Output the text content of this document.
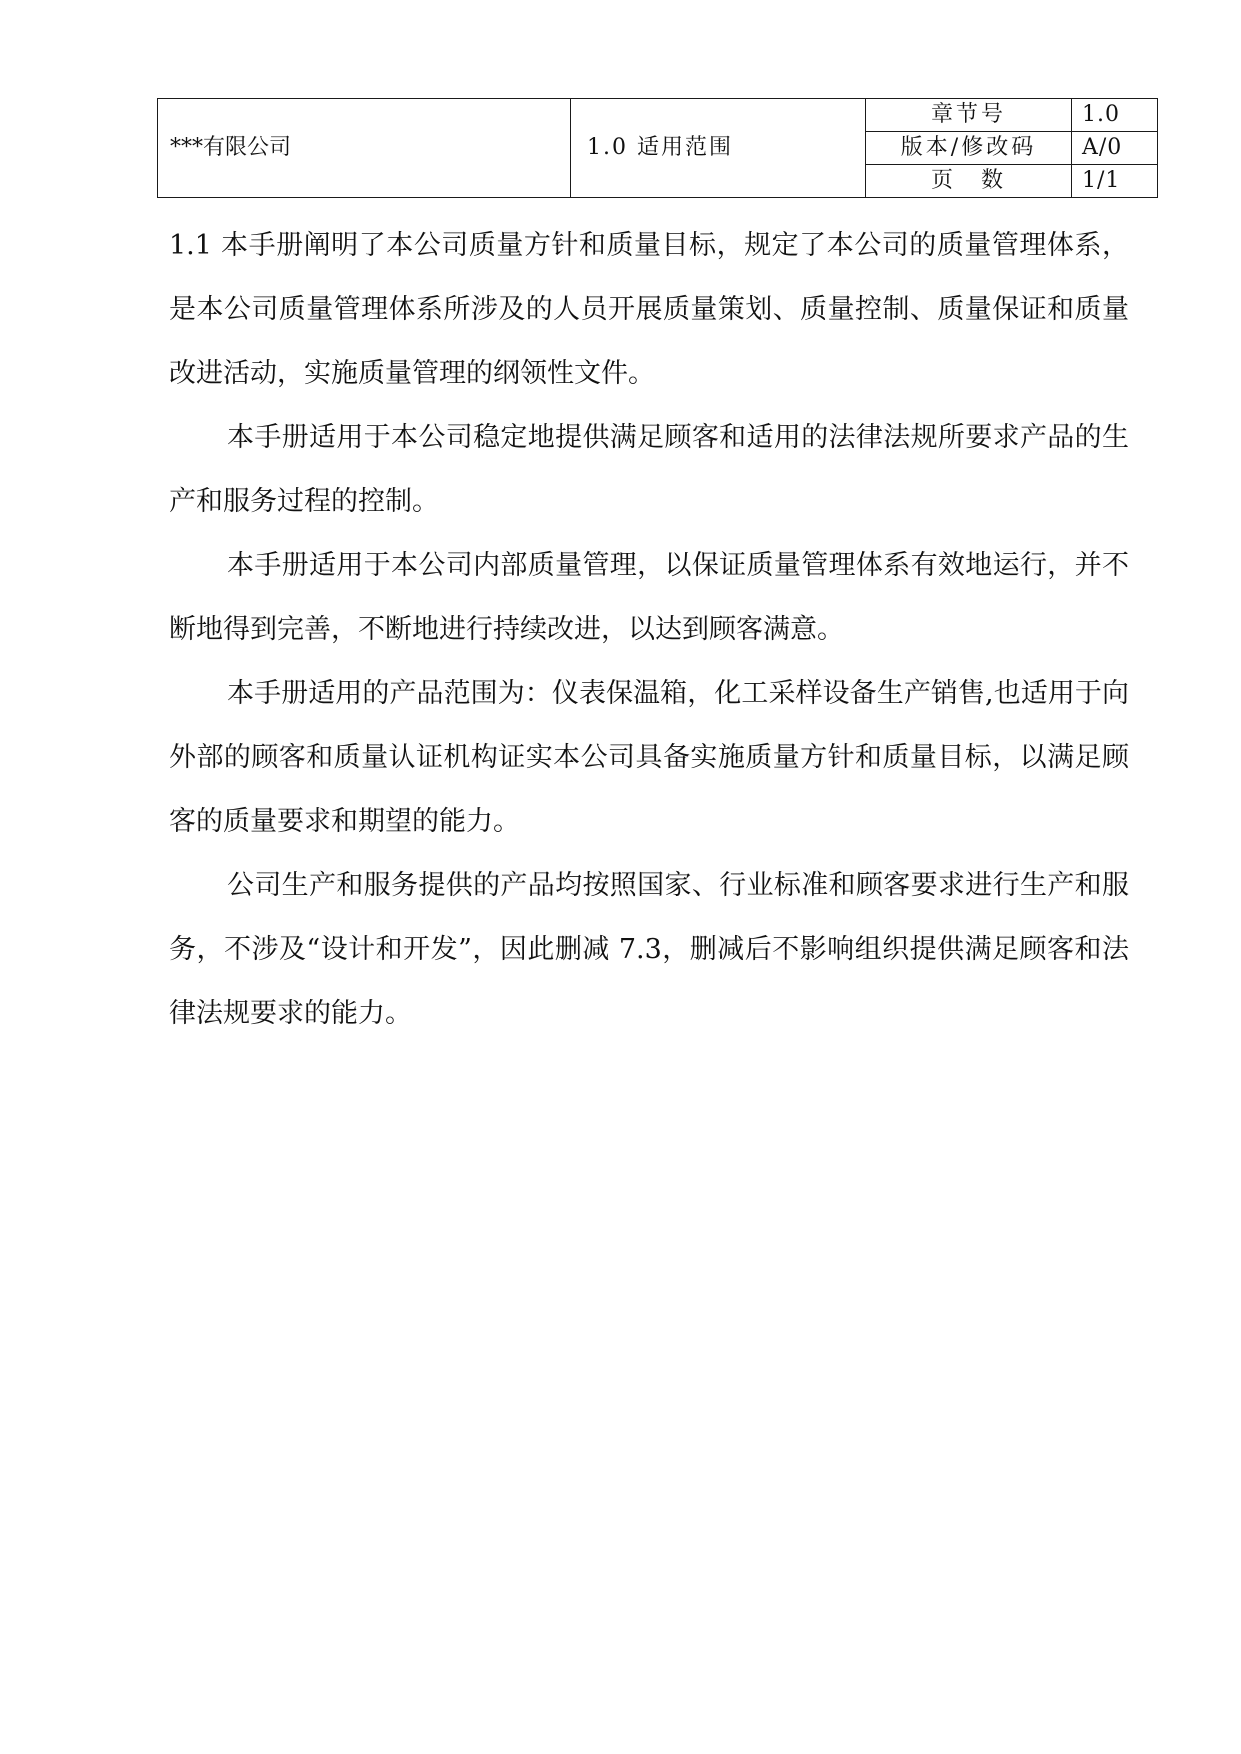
***有限公司	1.0 适用范围	章节号	1.0
		版本/修改码	A/0
		页　数	1/1

1.1 本手册阐明了本公司质量方针和质量目标，规定了本公司的质量管理体系，是本公司质量管理体系所涉及的人员开展质量策划、质量控制、质量保证和质量改进活动，实施质量管理的纲领性文件。

本手册适用于本公司稳定地提供满足顾客和适用的法律法规所要求产品的生产和服务过程的控制。

本手册适用于本公司内部质量管理，以保证质量管理体系有效地运行，并不断地得到完善，不断地进行持续改进，以达到顾客满意。

本手册适用的产品范围为：仪表保温箱，化工采样设备生产销售,也适用于向外部的顾客和质量认证机构证实本公司具备实施质量方针和质量目标，以满足顾客的质量要求和期望的能力。

公司生产和服务提供的产品均按照国家、行业标准和顾客要求进行生产和服务，不涉及“设计和开发”，因此删减 7.3，删减后不影响组织提供满足顾客和法律法规要求的能力。
